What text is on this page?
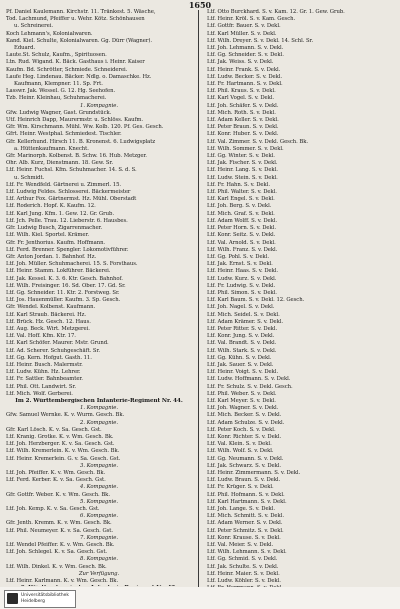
1650
Pf. Daniel Kaulemann. Kirchstr. 11. Tränkest. 5. Wäsche,
Tod. Lachmund, Pfeiffer u. Wehr. Kötz. Schönhausen
u. Schreinerei.
Koch Lehmann's, Kolonialwaren.
Kand. Kiel. Schulte, Kolonialwaren. Gg. Dürr (Wagner).
Eduard.
Laute.St. Schulz, Kaufm., Spirituosen.
Ltn. Rud. Wigand. K. Bäck. Gasthaus i. Heinr. Kaiser
Kaufm. Bd. Schrötter, Schmiede. Schneiderei.
Laufe Heg. Lindenau. Bäcker. Ndlg. o. Damaschke. Hz.
Kaufmann, Klempner. 11. Sp. Frt.
Lasswr. Jak. Wessel. G. 12. Hg. Seehofen.
Tzb. Heinr. Kleinhau, Schuhmacherei.
1. Kompagnie.
Gfw. Ludwig Wagner, Gast. Grundstück.
Utf. Heinrich Dapp, Maurermstr. u. Schlöss. Kaufm.
Gfr. Wm. Kirschmann. Mühl. Ww. Kolb. 120. Pf. Ges. Gesch.
Gfrt. Heinr. Westphal. Schmiedest. Tischler.
Gfr. Kellerhund. Hirsch 11. B. Kronenst. 6. Ludwigsplatz
a. Hüttenkaufmann. Knecht.
Gfr. Marinorph. Kolbenst. B. Schw. 16. Hub. Metzger.
Ohr. Alb. Kurz, Dienstmann. 18. Gew. Sr.
Ltf. Heinr. Fuchsl. Kfm. Schuhmacher. 14. S. d. S.
u. Schmidt.
Ltf. Fr. Wendfeld. Gärtnerei u. Zimmerl. 15.
Ltf. Ludwig Feldes. Schlosserei. Bäckermeister
Ltf. Arthur Fox. Gärtnermst. Hz. Mühl. Oberstadt
Ltf. Roderich. Hopf. K. Kaufm. 12.
Ltf. Karl Jung. Kfm. 1. Gew. 12. Gr. Grub.
Ltf. Jch. Pelle. Trau. 12. Lieberstr. 6. Hausbes.
Gfr. Ludwig Busch, Zigarrenmacher.
Ltf. Wilh. Kiel. Sportel. Krämer.
Gfr. Fr. Jenthorius. Kaufm. Hoffmann.
Ltf. Ferd. Brenner. Spengler. Lokomotivführer.
Gfr. Anton Jordan. 1. Bahnhof. Hz.
Ltf. Joh. Müller. Schuhmacherei. 15. S. Forsthaus.
Ltf. Heinr. Stamm. Lokführer. Bäckerei.
Ltf. Jak. Kessel. K. 3. 6. Ktr. Gesch. Bahnhof.
Ltf. Wilh. Freisinger. 16. Sd. Ober. 17. Gd. Sr.
Ltf. Gg. Schneider. 11. Ktr. 2. Forstweg. Sr.
Ltf. Jos. Hauenmüller. Kaufm. 3. Sp. Gesch.
Gfr. Wendel. Kolbenst. Kaufmann.
Ltf. Karl Straub. Bäckerei. Hz.
Ltf. Brück. Hz. Gesch. 12. Haus.
Ltf. Aug. Beck. Wirt. Metzgerei.
Ltf. Val. Hoff. Kfm. Ktr. 17.
Ltf. Karl Schöfer. Maurer. Mstr. Grund.
Ltf. Ad. Scherer. Schuhgeschäft. Sr.
Ltf. Gg. Kern. Hofgut. Gasth. 11.
Ltf. Heinr. Busch. Malermstr.
Ltf. Ludw. Kühn. Hz. Lehrer.
Ltf. Fr. Sattler. Bahnbeamter.
Ltf. Phil. Ott. Landwirt. Sr.
Ltf. Mich. Wolf. Gerberei.
Im 2. Württembergischen Infanterie-Regiment Nr. 44.
1. Kompagnie.
Gfw. Samuel Wernke. K. v. Wurm. Gesch. Bk.
2. Kompagnie.
Gfr. Karl Lösch. K. v. Sa. Gesch. Gst.
Ltf. Kranig. Grotke. K. v. Wm. Gesch. Bk.
Ltf. Joh. Herzberger. K. v. Sa. Gesch. Gst.
Ltf. Wilh. Kremerlein. K. v. Wm. Gesch. Bk.
Ltf. Heinr. Kremerlein. G. v. Sa. Gesch. Gst.
3. Kompagnie.
Ltf. Joh. Pfeiffer. K. v. Wm. Gesch. Bk.
Ltf. Ferd. Kerber. K. v. Sa. Gesch. Gst.
4. Kompagnie.
Gfr. Gottfr. Weber. K. v. Wm. Gesch. Bk.
5. Kompagnie.
Ltf. Joh. Kemp. K. v. Sa. Gesch. Gst.
6. Kompagnie.
Gfr. Jenth. Kremm. K. v. Wm. Gesch. Bk.
Ltf. Phil. Neumeyer. K. v. Sa. Gesch. Gst.
7. Kompagnie.
Ltf. Wendel Pfeiffer. K. v. Wm. Gesch. Bk.
Ltf. Joh. Schlegel. K. v. Sa. Gesch. Gst.
8. Kompagnie.
Ltf. Wilh. Dinkel. K. v. Wm. Gesch. Bk.
Zur Verfügung.
Ltf. Heinr. Karlmann. K. v. Wm. Gesch. Bk.
Ltf. Otto Burckhard. S. v. Kam. 12. Gr. 1. Gew. Grub.
Ltf. Heinr. Kröl. S. v. Kam. Gesch.
Ltf. Gottfr. Bauer. S. v. Dekl.
Ltf. Karl Müller. S. v. Dekl.
Ltf. Wilh. Dreyer. S. v. Dekl. 14. Schl. Sr.
Ltf. Joh. Lehmann. S. v. Dekl.
Ltf. Gg. Schneider. S. v. Dekl.
Ltf. Jak. Weiss. S. v. Dekl.
Ltf. Heinr. Frank. S. v. Dekl.
Ltf. Ludw. Becker. S. v. Dekl.
Ltf. Fr. Hartmann. S. v. Dekl.
Ltf. Phil. Kraus. S. v. Dekl.
Ltf. Karl Vogel. S. v. Dekl.
Ltf. Joh. Schäfer. S. v. Dekl.
Ltf. Mich. Roth. S. v. Dekl.
Ltf. Adam Keller. S. v. Dekl.
Ltf. Peter Braun. S. v. Dekl.
Ltf. Konr. Huber. S. v. Dekl.
Ltf. Val. Zimmer. S. v. Dekl. Gesch. Bk.
Ltf. Wilh. Sommer. S. v. Dekl.
Ltf. Gg. Winter. S. v. Dekl.
Ltf. Jak. Fischer. S. v. Dekl.
Ltf. Heinr. Lang. S. v. Dekl.
Ltf. Ludw. Stein. S. v. Dekl.
Ltf. Fr. Hahn. S. v. Dekl.
Ltf. Phil. Walter. S. v. Dekl.
Ltf. Karl Engel. S. v. Dekl.
Ltf. Joh. Berg. S. v. Dekl.
Ltf. Mich. Graf. S. v. Dekl.
Ltf. Adam Wolff. S. v. Dekl.
Ltf. Peter Horn. S. v. Dekl.
Ltf. Konr. Seitz. S. v. Dekl.
Ltf. Val. Arnold. S. v. Dekl.
Ltf. Wilh. Franz. S. v. Dekl.
Ltf. Gg. Pohl. S. v. Dekl.
Ltf. Jak. Ernst. S. v. Dekl.
Ltf. Heinr. Haas. S. v. Dekl.
Ltf. Ludw. Kurz. S. v. Dekl.
Ltf. Fr. Ludwig. S. v. Dekl.
Ltf. Phil. Simon. S. v. Dekl.
Ltf. Karl Baum. S. v. Dekl. 12. Gesch.
Ltf. Joh. Nagel. S. v. Dekl.
Ltf. Mich. Seidel. S. v. Dekl.
Ltf. Adam Krämer. S. v. Dekl.
Ltf. Peter Ritter. S. v. Dekl.
Ltf. Konr. Jung. S. v. Dekl.
Ltf. Val. Brandt. S. v. Dekl.
Ltf. Wilh. Stark. S. v. Dekl.
Ltf. Gg. Kühn. S. v. Dekl.
Ltf. Jak. Sauer. S. v. Dekl.
Ltf. Heinr. Voigt. S. v. Dekl.
Ltf. Ludw. Hoffmann. S. v. Dekl.
Ltf. Fr. Schulz. S. v. Dekl. Gesch.
Ltf. Phil. Weber. S. v. Dekl.
Ltf. Karl Meyer. S. v. Dekl.
Ltf. Joh. Wagner. S. v. Dekl.
Ltf. Mich. Becker. S. v. Dekl.
Ltf. Adam Schulze. S. v. Dekl.
Ltf. Peter Koch. S. v. Dekl.
Ltf. Konr. Richter. S. v. Dekl.
Ltf. Val. Klein. S. v. Dekl.
Ltf. Wilh. Wolf. S. v. Dekl.
Ltf. Gg. Neumann. S. v. Dekl.
Ltf. Jak. Schwarz. S. v. Dekl.
Ltf. Heinr. Zimmermann. S. v. Dekl.
Ltf. Ludw. Braun. S. v. Dekl.
Ltf. Fr. Krüger. S. v. Dekl.
Ltf. Phil. Hofmann. S. v. Dekl.
Ltf. Karl Hartmann. S. v. Dekl.
Ltf. Joh. Lange. S. v. Dekl.
Ltf. Mich. Schmitt. S. v. Dekl.
Ltf. Adam Werner. S. v. Dekl.
Ltf. Peter Schmitz. S. v. Dekl.
Ltf. Konr. Krause. S. v. Dekl.
Ltf. Val. Meier. S. v. Dekl.
Ltf. Wilh. Lehmann. S. v. Dekl.
Ltf. Gg. Schmid. S. v. Dekl.
Ltf. Jak. Schulte. S. v. Dekl.
Ltf. Heinr. Maier. S. v. Dekl.
Ltf. Ludw. Köhler. S. v. Dekl.
Universitätsbibliothek
Heidelberg
